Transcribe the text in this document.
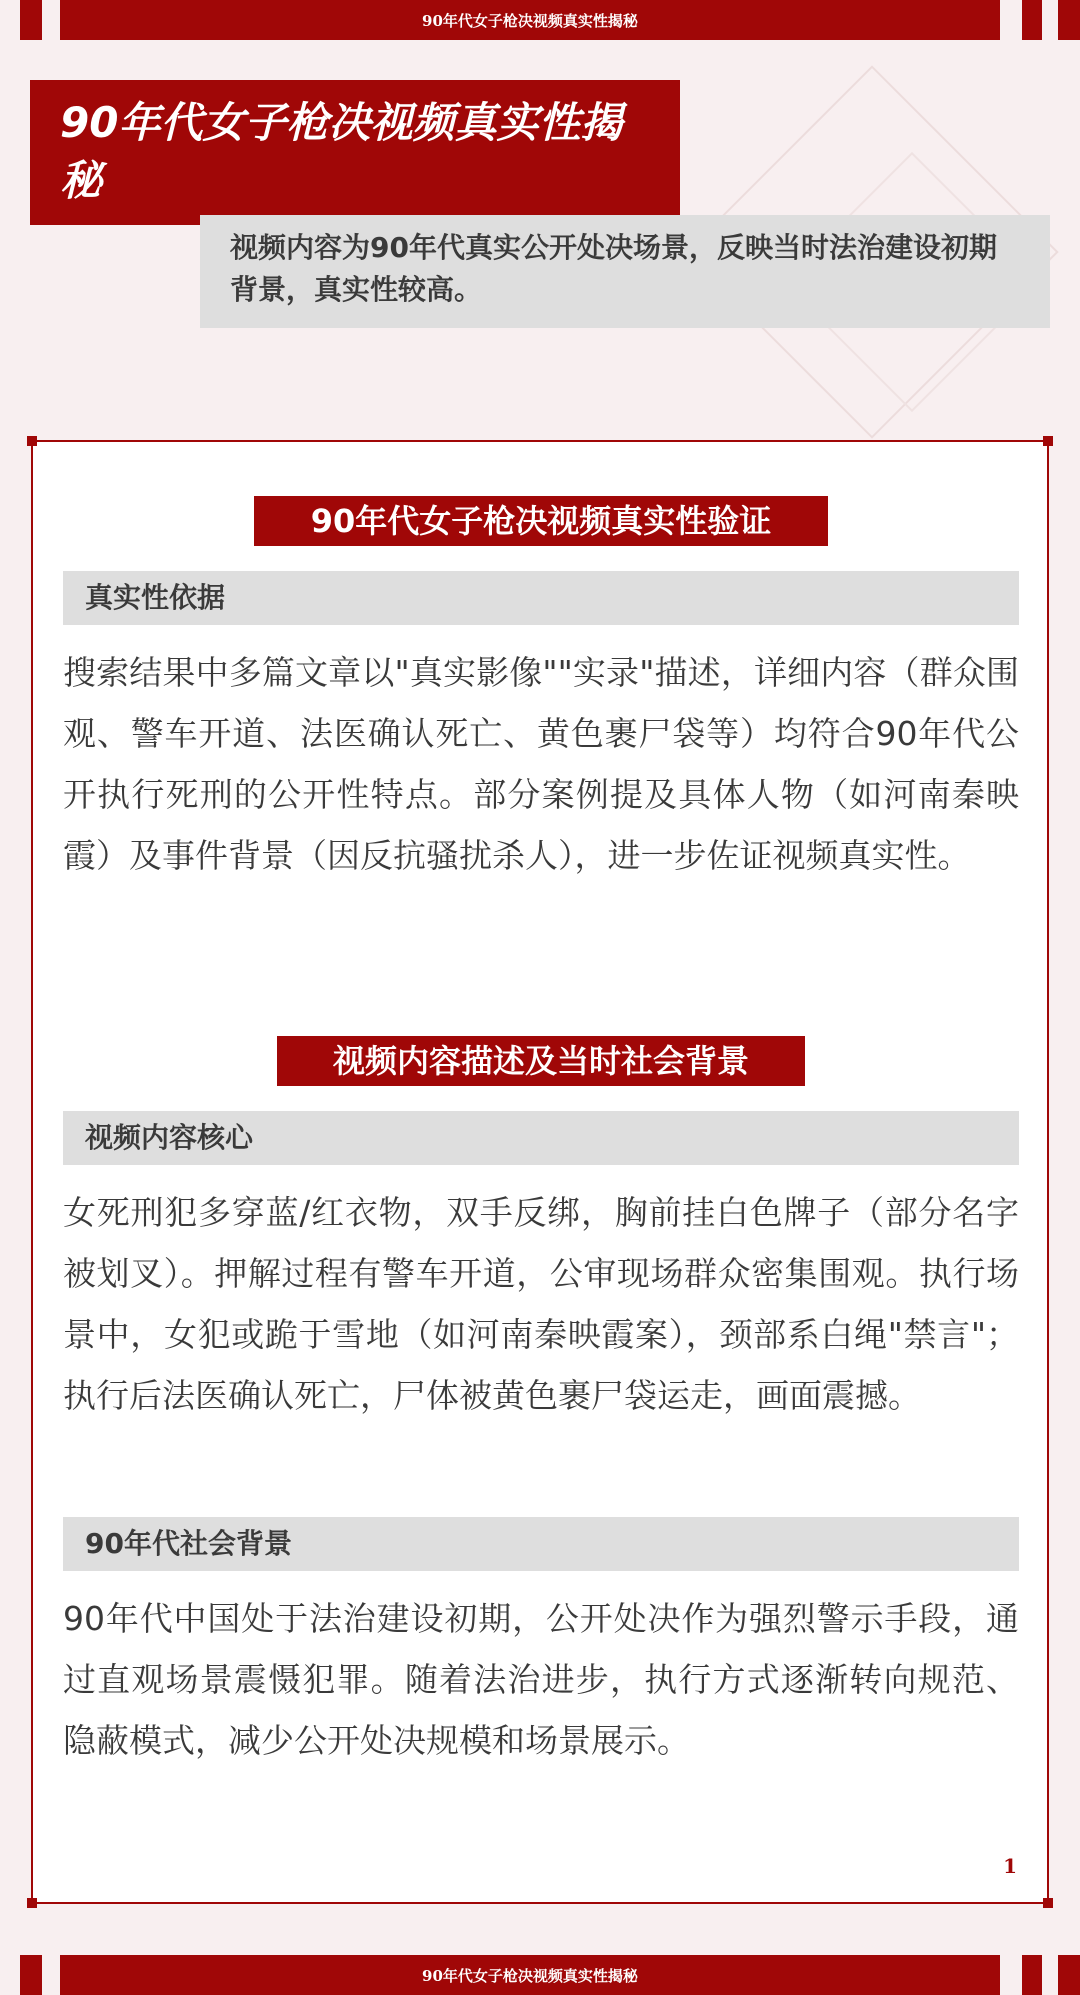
90年代女子枪决视频真实性揭秘
90年代女子枪决视频真实性揭秘

视频内容为90年代真实公开处决场景，反映当时法治建设初期背景，真实性较高。

90年代女子枪决视频真实性验证
真实性依据

搜索结果中多篇文章以"真实影像""实录"描述，详细内容（群众围观、警车开道、法医确认死亡、黄色裹尸袋等）均符合90年代公开执行死刑的公开性特点。部分案例提及具体人物（如河南秦映霞）及事件背景（因反抗骚扰杀人），进一步佐证视频真实性。

视频内容描述及当时社会背景
视频内容核心

女死刑犯多穿蓝/红衣物，双手反绑，胸前挂白色牌子（部分名字被划叉）。押解过程有警车开道，公审现场群众密集围观。执行场景中，女犯或跪于雪地（如河南秦映霞案），颈部系白绳"禁言"；执行后法医确认死亡，尸体被黄色裹尸袋运走，画面震撼。

90年代社会背景

90年代中国处于法治建设初期，公开处决作为强烈警示手段，通过直观场景震慑犯罪。随着法治进步，执行方式逐渐转向规范、隐蔽模式，减少公开处决规模和场景展示。

1
90年代女子枪决视频真实性揭秘
